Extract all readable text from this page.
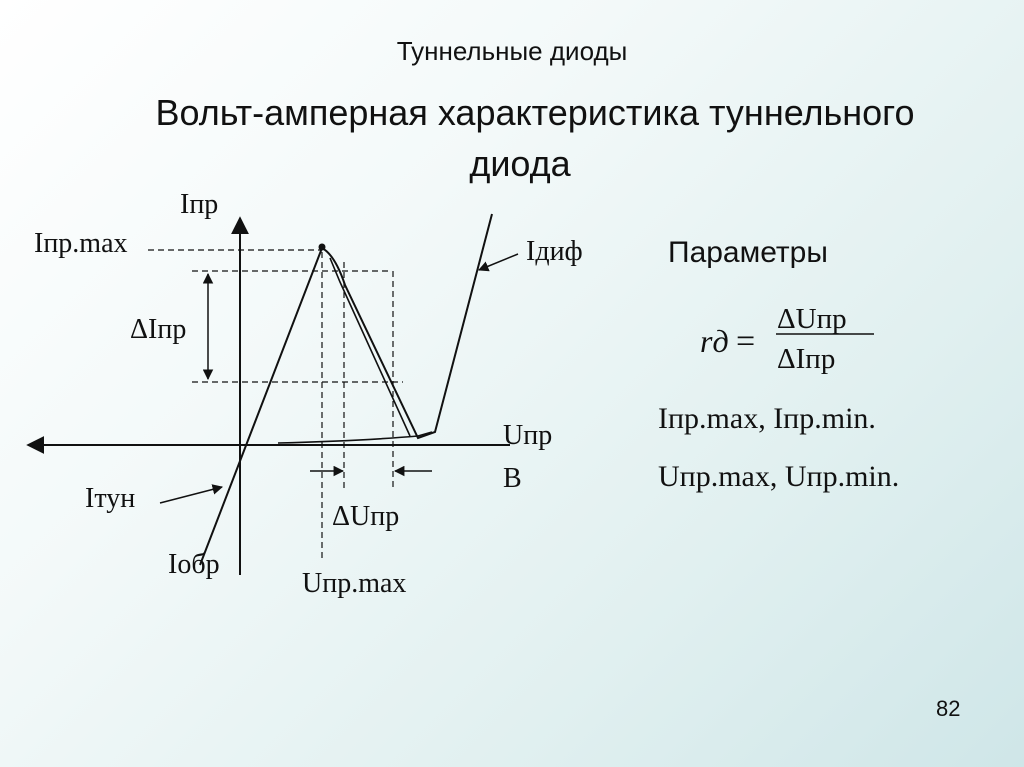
Туннельные диоды
Вольт-амперная характеристика туннельного
диода
Iпр
Iпр.max
ΔIпр
Iдиф
Uпр
В
Iтун
Iобр
ΔUпр
Uпр.max
rд =
ΔUпр
ΔIпр
Параметры
Iпр.max, Iпр.min.
Uпр.max, Uпр.min.
82
